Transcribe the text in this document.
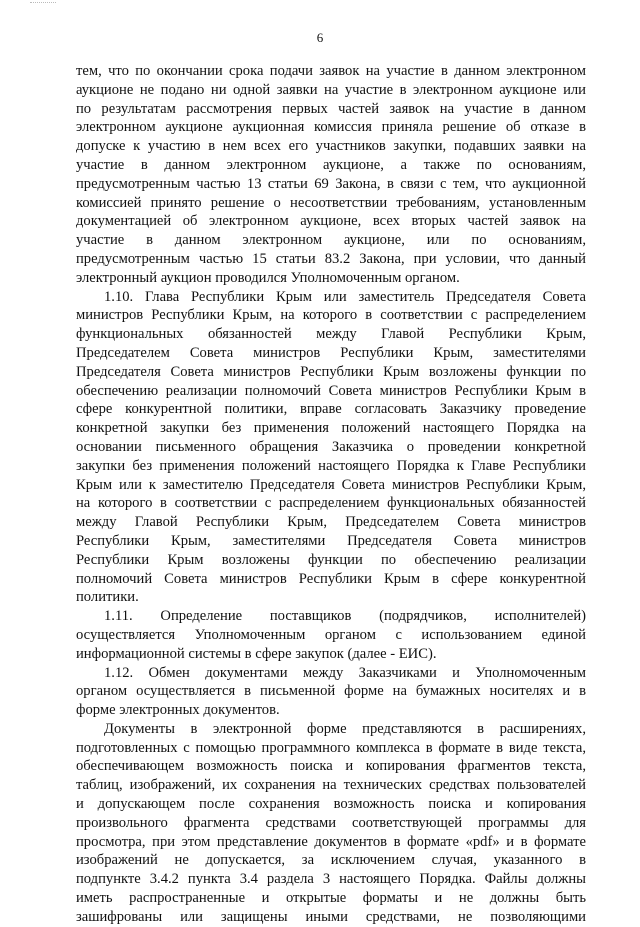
6
тем, что по окончании срока подачи заявок на участие в данном электронном
аукционе не подано ни одной заявки на участие в электронном аукционе или
по результатам рассмотрения первых частей заявок на участие в данном
электронном аукционе аукционная комиссия приняла решение об отказе в
допуске к участию в нем всех его участников закупки, подавших заявки на
участие в данном электронном аукционе, а также по основаниям,
предусмотренным частью 13 статьи 69 Закона, в связи с тем, что аукционной
комиссией принято решение о несоответствии требованиям, установленным
документацией об электронном аукционе, всех вторых частей заявок на
участие в данном электронном аукционе, или по основаниям,
предусмотренным частью 15 статьи 83.2 Закона, при условии, что данный
электронный аукцион проводился Уполномоченным органом.
1.10. Глава Республики Крым или заместитель Председателя Совета
министров Республики Крым, на которого в соответствии с распределением
функциональных обязанностей между Главой Республики Крым,
Председателем Совета министров Республики Крым, заместителями
Председателя Совета министров Республики Крым возложены функции по
обеспечению реализации полномочий Совета министров Республики Крым в
сфере конкурентной политики, вправе согласовать Заказчику проведение
конкретной закупки без применения положений настоящего Порядка на
основании письменного обращения Заказчика о проведении конкретной
закупки без применения положений настоящего Порядка к Главе Республики
Крым или к заместителю Председателя Совета министров Республики Крым,
на которого в соответствии с распределением функциональных обязанностей
между Главой Республики Крым, Председателем Совета министров
Республики Крым, заместителями Председателя Совета министров
Республики Крым возложены функции по обеспечению реализации
полномочий Совета министров Республики Крым в сфере конкурентной
политики.
1.11. Определение поставщиков (подрядчиков, исполнителей)
осуществляется Уполномоченным органом с использованием единой
информационной системы в сфере закупок (далее - ЕИС).
1.12. Обмен документами между Заказчиками и Уполномоченным
органом осуществляется в письменной форме на бумажных носителях и в
форме электронных документов.
Документы в электронной форме представляются в расширениях,
подготовленных с помощью программного комплекса в формате в виде текста,
обеспечивающем возможность поиска и копирования фрагментов текста,
таблиц, изображений, их сохранения на технических средствах пользователей
и допускающем после сохранения возможность поиска и копирования
произвольного фрагмента средствами соответствующей программы для
просмотра, при этом представление документов в формате «pdf» и в формате
изображений не допускается, за исключением случая, указанного в
подпункте 3.4.2 пункта 3.4 раздела 3 настоящего Порядка. Файлы должны
иметь распространенные и открытые форматы и не должны быть
зашифрованы или защищены иными средствами, не позволяющими
